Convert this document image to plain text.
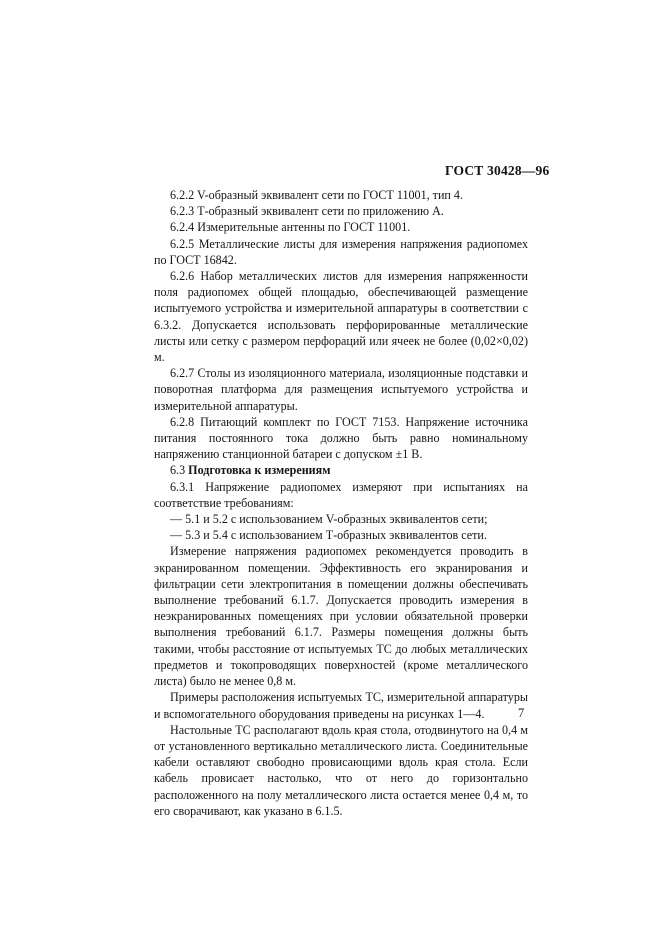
ГОСТ 30428—96

6.2.2 V-образный эквивалент сети по ГОСТ 11001, тип 4.

6.2.3 Т-образный эквивалент сети по приложению А.

6.2.4 Измерительные антенны по ГОСТ 11001.

6.2.5 Металлические листы для измерения напряжения радиопомех по ГОСТ 16842.

6.2.6 Набор металлических листов для измерения напряженности поля радиопомех общей площадью, обеспечивающей размещение испытуемого устройства и измерительной аппаратуры в соответствии с 6.3.2. Допускается использовать перфорированные металлические листы или сетку с размером перфораций или ячеек не более (0,02×0,02) м.

6.2.7 Столы из изоляционного материала, изоляционные подставки и поворотная платформа для размещения испытуемого устройства и измерительной аппаратуры.

6.2.8 Питающий комплект по ГОСТ 7153. Напряжение источника питания постоянного тока должно быть равно номинальному напряжению станционной батареи с допуском ±1 В.

6.3 Подготовка к измерениям

6.3.1 Напряжение радиопомех измеряют при испытаниях на соответствие требованиям:

— 5.1 и 5.2 с использованием V-образных эквивалентов сети;

— 5.3 и 5.4 с использованием Т-образных эквивалентов сети.

Измерение напряжения радиопомех рекомендуется проводить в экранированном помещении. Эффективность его экранирования и фильтрации сети электропитания в помещении должны обеспечивать выполнение требований 6.1.7. Допускается проводить измерения в неэкранированных помещениях при условии обязательной проверки выполнения требований 6.1.7. Размеры помещения должны быть такими, чтобы расстояние от испытуемых ТС до любых металлических предметов и токопроводящих поверхностей (кроме металлического листа) было не менее 0,8 м.

Примеры расположения испытуемых ТС, измерительной аппаратуры и вспомогательного оборудования приведены на рисунках 1—4.

Настольные ТС располагают вдоль края стола, отодвинутого на 0,4 м от установленного вертикально металлического листа. Соединительные кабели оставляют свободно провисающими вдоль края стола. Если кабель провисает настолько, что от него до горизонтально расположенного на полу металлического листа остается менее 0,4 м, то его сворачивают, как указано в 6.1.5.

7
